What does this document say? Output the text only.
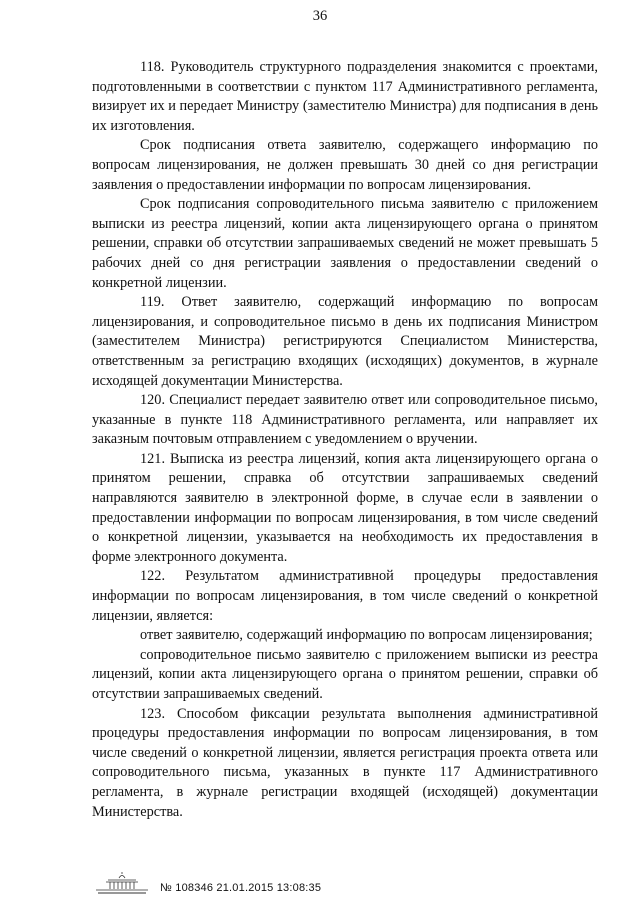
36

118. Руководитель структурного подразделения знакомится с проектами, подготовленными в соответствии с пунктом 117 Административного регламента, визирует их и передает Министру (заместителю Министра) для подписания в день их изготовления.

Срок подписания ответа заявителю, содержащего информацию по вопросам лицензирования, не должен превышать 30 дней со дня регистрации заявления о предоставлении информации по вопросам лицензирования.

Срок подписания сопроводительного письма заявителю с приложением выписки из реестра лицензий, копии акта лицензирующего органа о принятом решении, справки об отсутствии запрашиваемых сведений не может превышать 5 рабочих дней со дня регистрации заявления о предоставлении сведений о конкретной лицензии.

119. Ответ заявителю, содержащий информацию по вопросам лицензирования, и сопроводительное письмо в день их подписания Министром (заместителем Министра) регистрируются Специалистом Министерства, ответственным за регистрацию входящих (исходящих) документов, в журнале исходящей документации Министерства.

120. Специалист передает заявителю ответ или сопроводительное письмо, указанные в пункте 118 Административного регламента, или направляет их заказным почтовым отправлением с уведомлением о вручении.

121. Выписка из реестра лицензий, копия акта лицензирующего органа о принятом решении, справка об отсутствии запрашиваемых сведений направляются заявителю в электронной форме, в случае если в заявлении о предоставлении информации по вопросам лицензирования, в том числе сведений о конкретной лицензии, указывается на необходимость их предоставления в форме электронного документа.

122. Результатом административной процедуры предоставления информации по вопросам лицензирования, в том числе сведений о конкретной лицензии, является:

ответ заявителю, содержащий информацию по вопросам лицензирования;

сопроводительное письмо заявителю с приложением выписки из реестра лицензий, копии акта лицензирующего органа о принятом решении, справки об отсутствии запрашиваемых сведений.

123. Способом фиксации результата выполнения административной процедуры предоставления информации по вопросам лицензирования, в том числе сведений о конкретной лицензии, является регистрация проекта ответа или сопроводительного письма, указанных в пункте 117 Административного регламента, в журнале регистрации входящей (исходящей) документации Министерства.

№ 108346 21.01.2015 13:08:35
